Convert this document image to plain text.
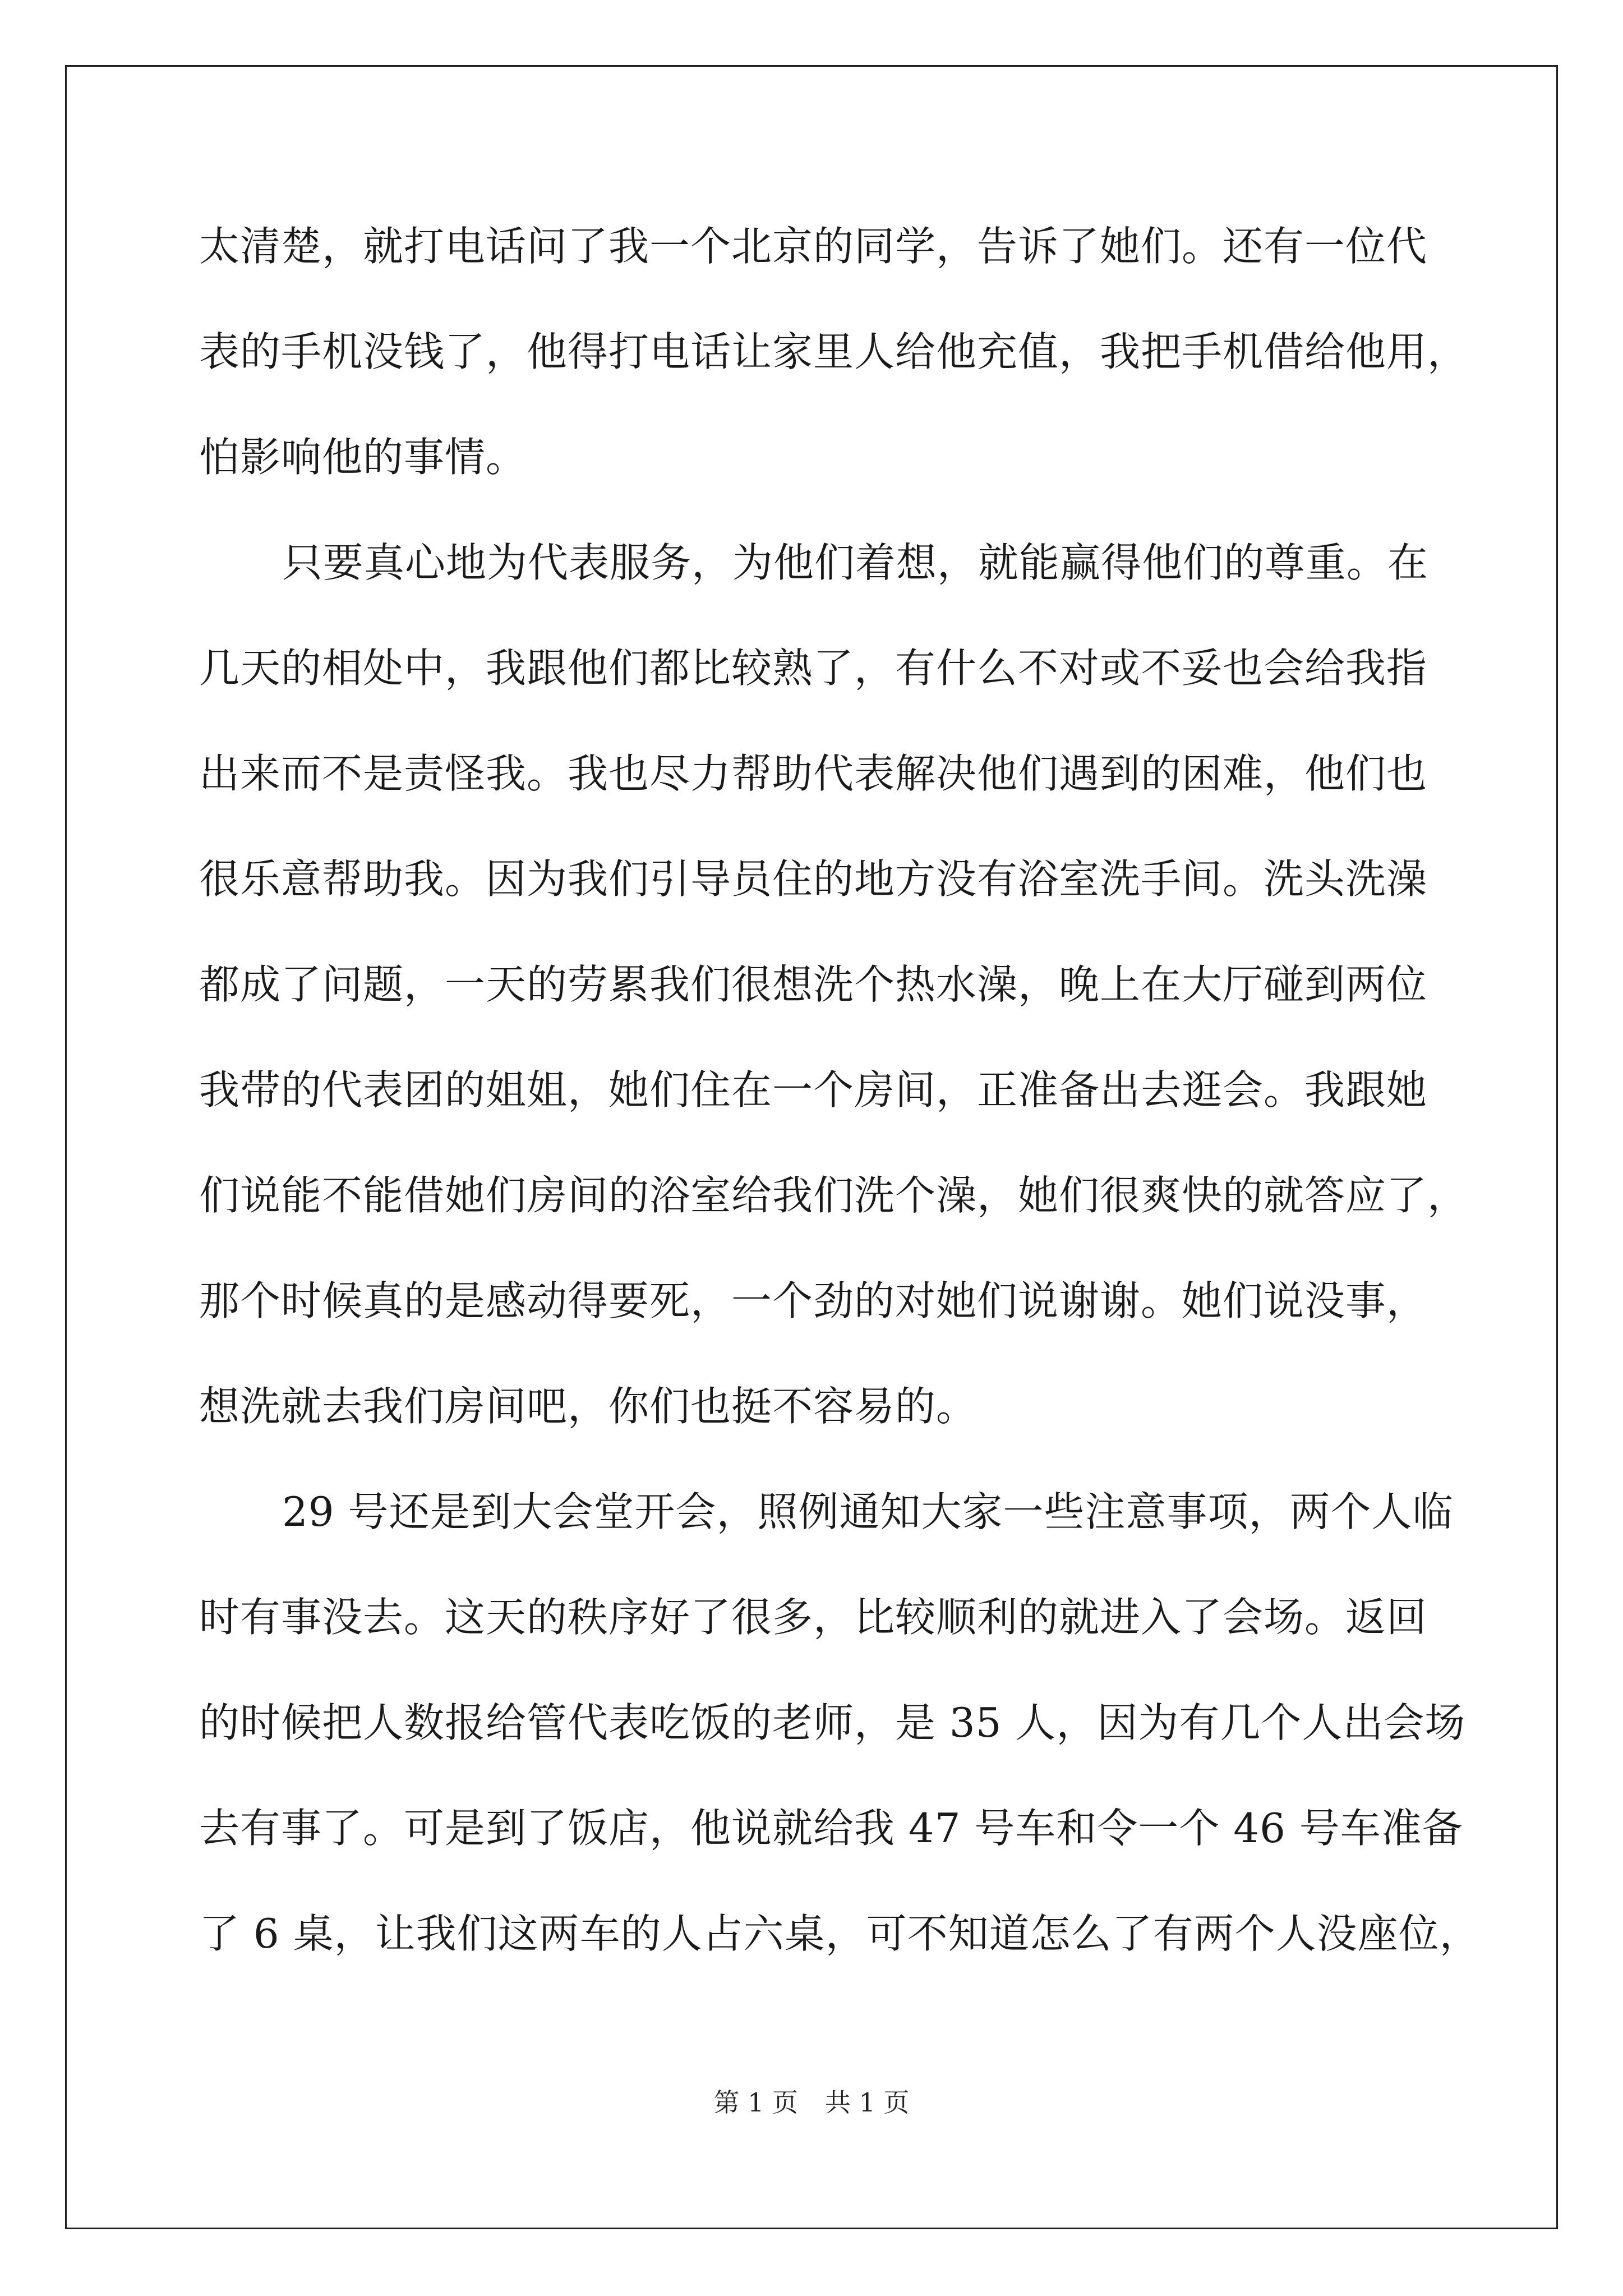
太清楚，就打电话问了我一个北京的同学，告诉了她们。还有一位代
表的手机没钱了，他得打电话让家里人给他充值，我把手机借给他用，
怕影响他的事情。
只要真心地为代表服务，为他们着想，就能赢得他们的尊重。在
几天的相处中，我跟他们都比较熟了，有什么不对或不妥也会给我指
出来而不是责怪我。我也尽力帮助代表解决他们遇到的困难，他们也
很乐意帮助我。因为我们引导员住的地方没有浴室洗手间。洗头洗澡
都成了问题，一天的劳累我们很想洗个热水澡，晚上在大厅碰到两位
我带的代表团的姐姐，她们住在一个房间，正准备出去逛会。我跟她
们说能不能借她们房间的浴室给我们洗个澡，她们很爽快的就答应了，
那个时候真的是感动得要死，一个劲的对她们说谢谢。她们说没事，
想洗就去我们房间吧，你们也挺不容易的。
29 号还是到大会堂开会，照例通知大家一些注意事项，两个人临
时有事没去。这天的秩序好了很多，比较顺利的就进入了会场。返回
的时候把人数报给管代表吃饭的老师，是 35 人，因为有几个人出会场
去有事了。可是到了饭店，他说就给我 47 号车和令一个 46 号车准备
了 6 桌，让我们这两车的人占六桌，可不知道怎么了有两个人没座位，
第 1 页 共 1 页
